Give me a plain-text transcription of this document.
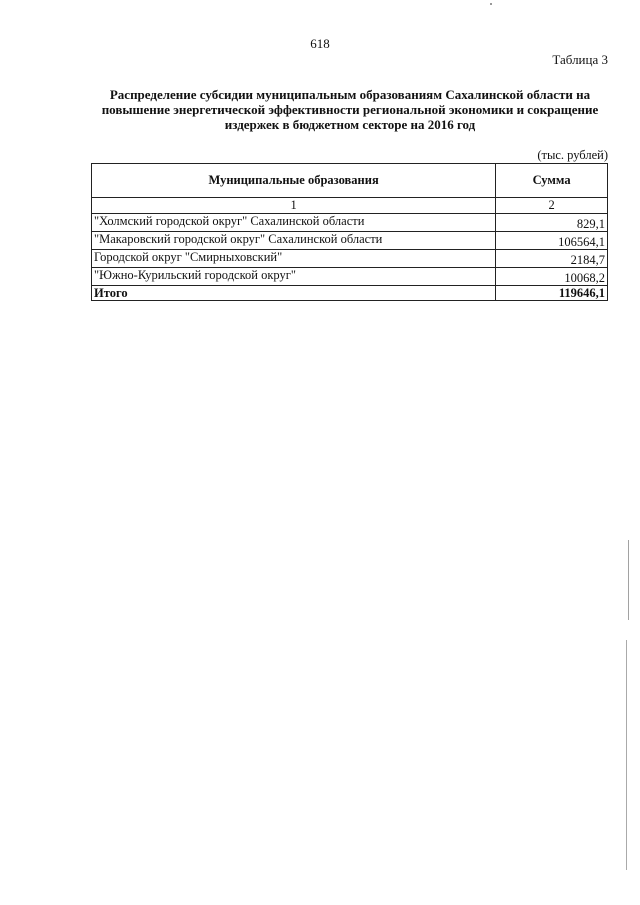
618
Таблица 3
Распределение субсидии муниципальным образованиям Сахалинской области на
повышение энергетической эффективности региональной экономики и сокращение
издержек в бюджетном секторе на 2016 год
(тыс. рублей)
Муниципальные образования	Сумма
1	2
"Холмский городской округ" Сахалинской области	829,1
"Макаровский городской округ" Сахалинской области	106564,1
Городской округ "Смирныховский"	2184,7
"Южно-Курильский городской округ"	10068,2
Итого	119646,1
